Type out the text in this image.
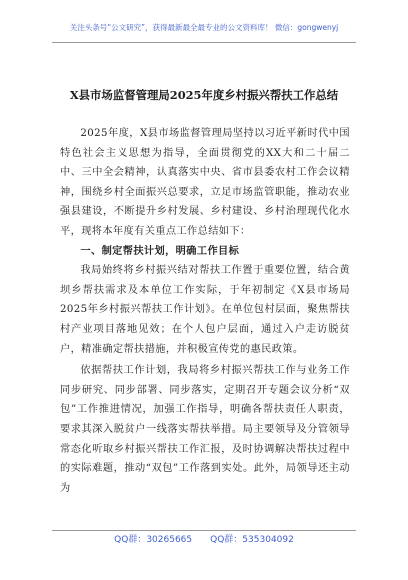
关注头条号“公文研究”，获得最新最全最专业的公文资料库！ 微信：gongwenyj
X县市场监督管理局2025年度乡村振兴帮扶工作总结

2025年度，X县市场监督管理局坚持以习近平新时代中国特色社会主义思想为指导，全面贯彻党的XX大和二十届二中、三中全会精神，认真落实中央、省市县委农村工作会议精神，围绕乡村全面振兴总要求，立足市场监管职能，推动农业强县建设，不断提升乡村发展、乡村建设、乡村治理现代化水平，现将本年度有关重点工作总结如下：

一、制定帮扶计划，明确工作目标

我局始终将乡村振兴结对帮扶工作置于重要位置，结合黄坝乡帮扶需求及本单位工作实际，于年初制定《X县市场局2025年乡村振兴帮扶工作计划》。在单位包村层面，聚焦帮扶村产业项目落地见效；在个人包户层面，通过入户走访脱贫户，精准确定帮扶措施，并积极宣传党的惠民政策。

依据帮扶工作计划，我局将乡村振兴帮扶工作与业务工作同步研究、同步部署、同步落实，定期召开专题会议分析“双包”工作推进情况，加强工作指导，明确各帮扶责任人职责，要求其深入脱贫户一线落实帮扶举措。局主要领导及分管领导常态化听取乡村振兴帮扶工作汇报，及时协调解决帮扶过程中的实际难题，推动“双包”工作落到实处。此外，局领导还主动为

QQ群：30265665 QQ群：535304092
